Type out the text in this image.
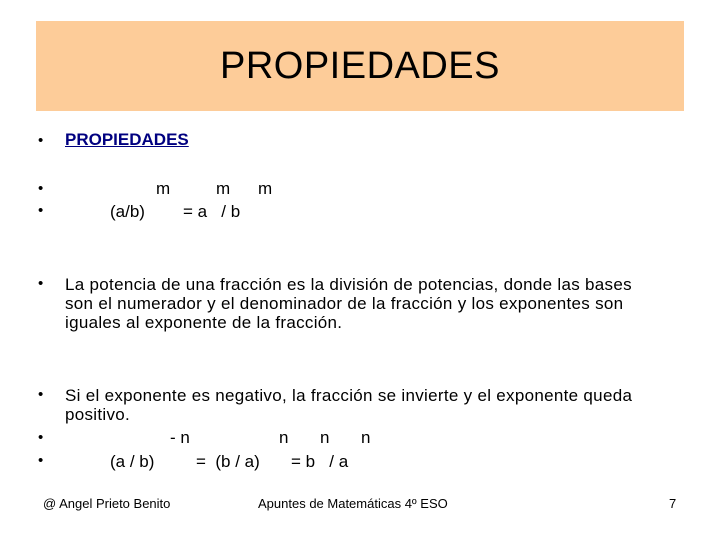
PROPIEDADES
• PROPIEDADES
•
•
m	m m
(a/b) = a   / b
• La potencia de una fracción es la división de potencias, donde las bases son el numerador y el denominador de la fracción y los exponentes son iguales al exponente de la fracción.
• Si el exponente es negativo, la fracción se invierte y el exponente queda positivo.
•
•
- n	n n n
(a / b) =  (b / a) = b   / a
@ Angel Prieto Benito	Apuntes de Matemáticas 4º ESO	7
